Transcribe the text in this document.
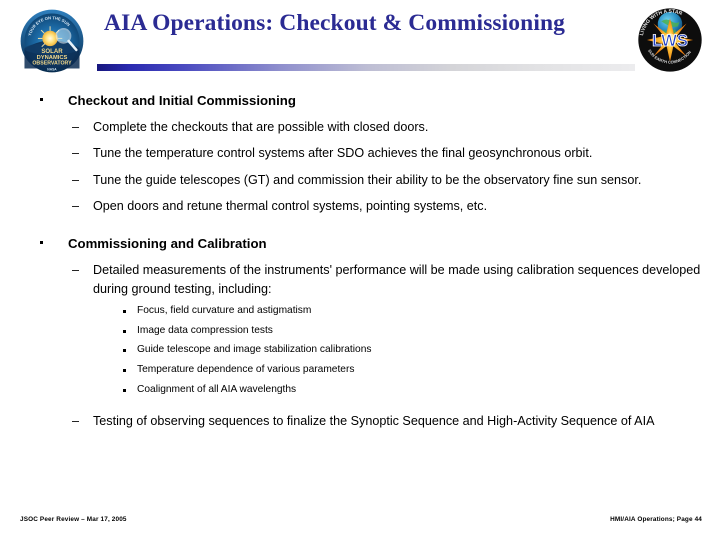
SOLAR
DYNAMICS
OBSERVATORY
NASA
YOUR EYE ON THE SUN AIA Operations: Checkout & Commissioning
LWS
LIVING WITH A STAR
SUN EARTH CONNECTION
Checkout and Initial Commissioning
– Complete the checkouts that are possible with closed doors.
– Tune the temperature control systems after SDO achieves the final geosynchronous orbit.
– Tune the guide telescopes (GT) and commission their ability to be the observatory fine sun sensor.
– Open doors and retune thermal control systems, pointing systems, etc.
Commissioning and Calibration
– Detailed measurements of the instruments' performance will be made using calibration sequences developed during ground testing, including:
Focus, field curvature and astigmatism
Image data compression tests
Guide telescope and image stabilization calibrations
Temperature dependence of various parameters
Coalignment of all AIA wavelengths
– Testing of observing sequences to finalize the Synoptic Sequence and High-Activity Sequence of AIA
JSOC Peer Review – Mar 17, 2005	HMI/AIA Operations; Page 44
